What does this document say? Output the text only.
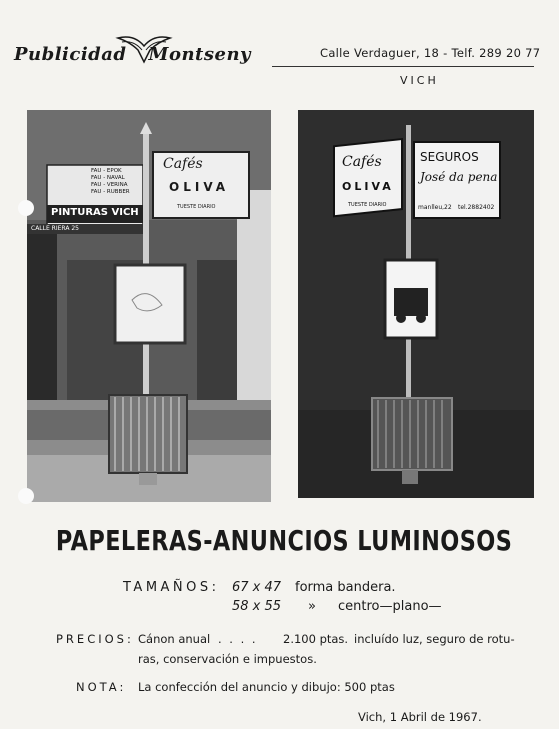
Publicidad Montseny	Calle Verdaguer, 18 - Telf. 289 20 77
VICH
FAU - EPOK
FAU - NAVAL
FAU - VERINA
FAU - RUBBER
PINTURAS VICH
CALLE RIERA 25
Cafés
OLIVA
TUESTE DIARIO
Cafés
OLIVA
TUESTE DIARIO
SEGUROS
José da pena
manlleu,22 tel.2882402
PAPELERAS-ANUNCIOS LUMINOSOS
TAMAÑOS: 67 x 47 forma bandera.
58 x 55 » centro—plano—
PRECIOS: Cánon anual . . . . 2.100 ptas. incluído luz, seguro de rotu-
ras, conservación e impuestos.
NOTA: La confección del anuncio y dibujo: 500 ptas
Vich, 1 Abril de 1967.
